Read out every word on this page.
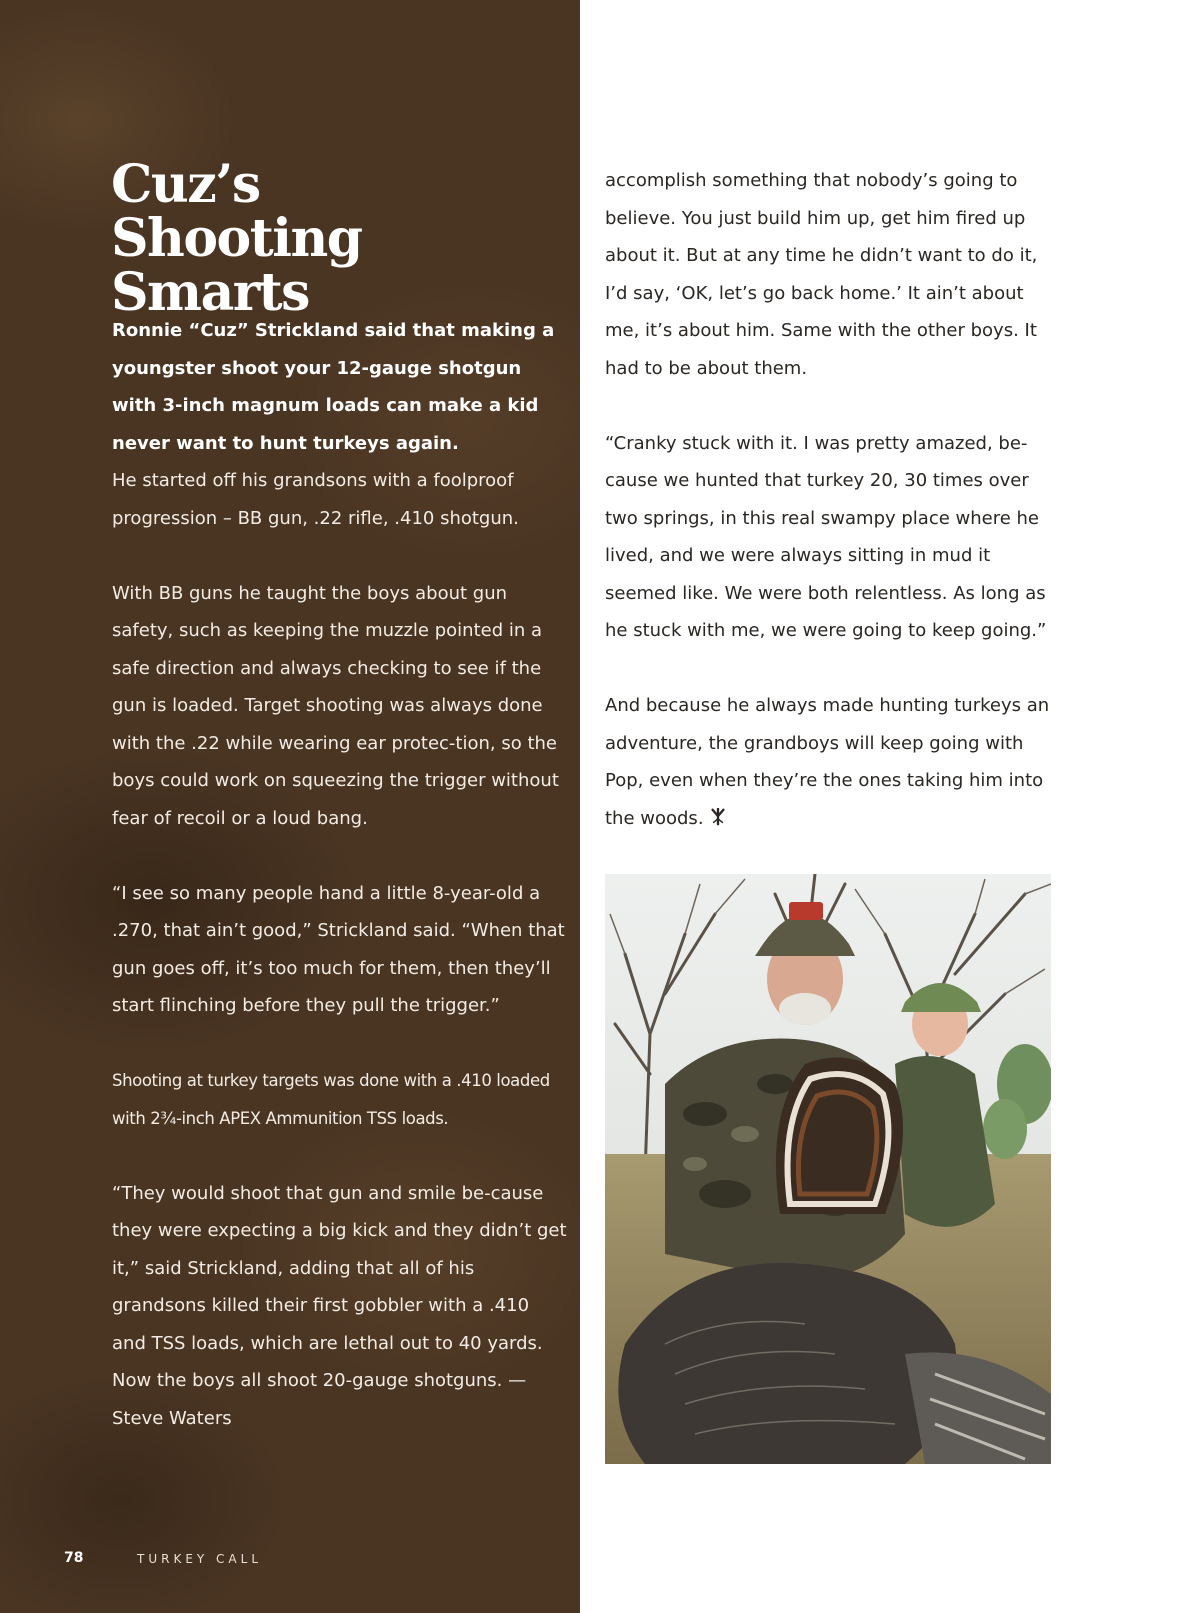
Cuz’s
Shooting Smarts

Ronnie “Cuz” Strickland said that making a youngster shoot your 12-gauge shotgun with 3-inch magnum loads can make a kid never want to hunt turkeys again.

He started off his grandsons with a foolproof progression – BB gun, .22 rifle, .410 shotgun.

With BB guns he taught the boys about gun safety, such as keeping the muzzle pointed in a safe direction and always checking to see if the gun is loaded. Target shooting was always done with the .22 while wearing ear protec-tion, so the boys could work on squeezing the trigger without fear of recoil or a loud bang.

“I see so many people hand a little 8-year-old a .270, that ain’t good,” Strickland said. “When that gun goes off, it’s too much for them, then they’ll start flinching before they pull the trigger.”

Shooting at turkey targets was done with a .410 loaded with 2¾-inch APEX Ammunition TSS loads.

“They would shoot that gun and smile be-cause they were expecting a big kick and they didn’t get it,” said Strickland, adding that all of his grandsons killed their first gobbler with a .410 and TSS loads, which are lethal out to 40 yards. Now the boys all shoot 20-gauge shotguns. — Steve Waters

78	TURKEY CALL

accomplish something that nobody’s going to believe. You just build him up, get him fired up about it. But at any time he didn’t want to do it, I’d say, ‘OK, let’s go back home.’ It ain’t about me, it’s about him. Same with the other boys. It had to be about them.

“Cranky stuck with it. I was pretty amazed, be-cause we hunted that turkey 20, 30 times over two springs, in this real swampy place where he lived, and we were always sitting in mud it seemed like. We were both relentless. As long as he stuck with me, we were going to keep going.”

And because he always made hunting turkeys an adventure, the grandboys will keep going with Pop, even when they’re the ones taking him into the woods.
